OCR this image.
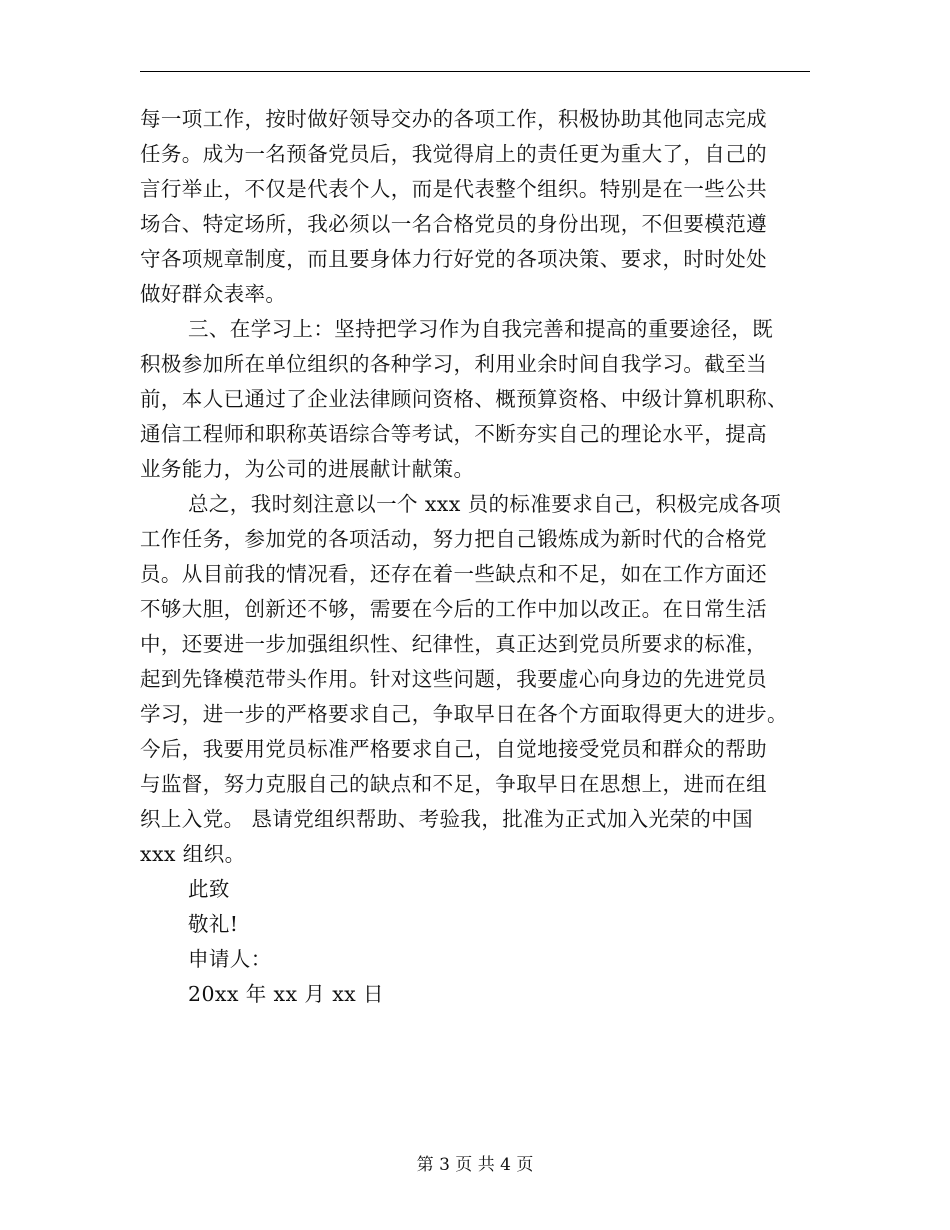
每一项工作，按时做好领导交办的各项工作，积极协助其他同志完成
任务。成为一名预备党员后，我觉得肩上的责任更为重大了，自己的
言行举止，不仅是代表个人，而是代表整个组织。特别是在一些公共
场合、特定场所，我必须以一名合格党员的身份出现，不但要模范遵
守各项规章制度，而且要身体力行好党的各项决策、要求，时时处处
做好群众表率。

三、在学习上：坚持把学习作为自我完善和提高的重要途径，既
积极参加所在单位组织的各种学习，利用业余时间自我学习。截至当
前，本人已通过了企业法律顾问资格、概预算资格、中级计算机职称、
通信工程师和职称英语综合等考试，不断夯实自己的理论水平，提高
业务能力，为公司的进展献计献策。

总之，我时刻注意以一个 xxx 员的标准要求自己，积极完成各项
工作任务，参加党的各项活动，努力把自己锻炼成为新时代的合格党
员。从目前我的情况看，还存在着一些缺点和不足，如在工作方面还
不够大胆，创新还不够，需要在今后的工作中加以改正。在日常生活
中，还要进一步加强组织性、纪律性，真正达到党员所要求的标准，
起到先锋模范带头作用。针对这些问题，我要虚心向身边的先进党员
学习，进一步的严格要求自己，争取早日在各个方面取得更大的进步。
今后，我要用党员标准严格要求自己，自觉地接受党员和群众的帮助
与监督，努力克服自己的缺点和不足，争取早日在思想上，进而在组
织上入党。 恳请党组织帮助、考验我，批准为正式加入光荣的中国
xxx 组织。

此致

敬礼!

申请人：

20xx 年 xx 月 xx 日

第 3 页 共 4 页
